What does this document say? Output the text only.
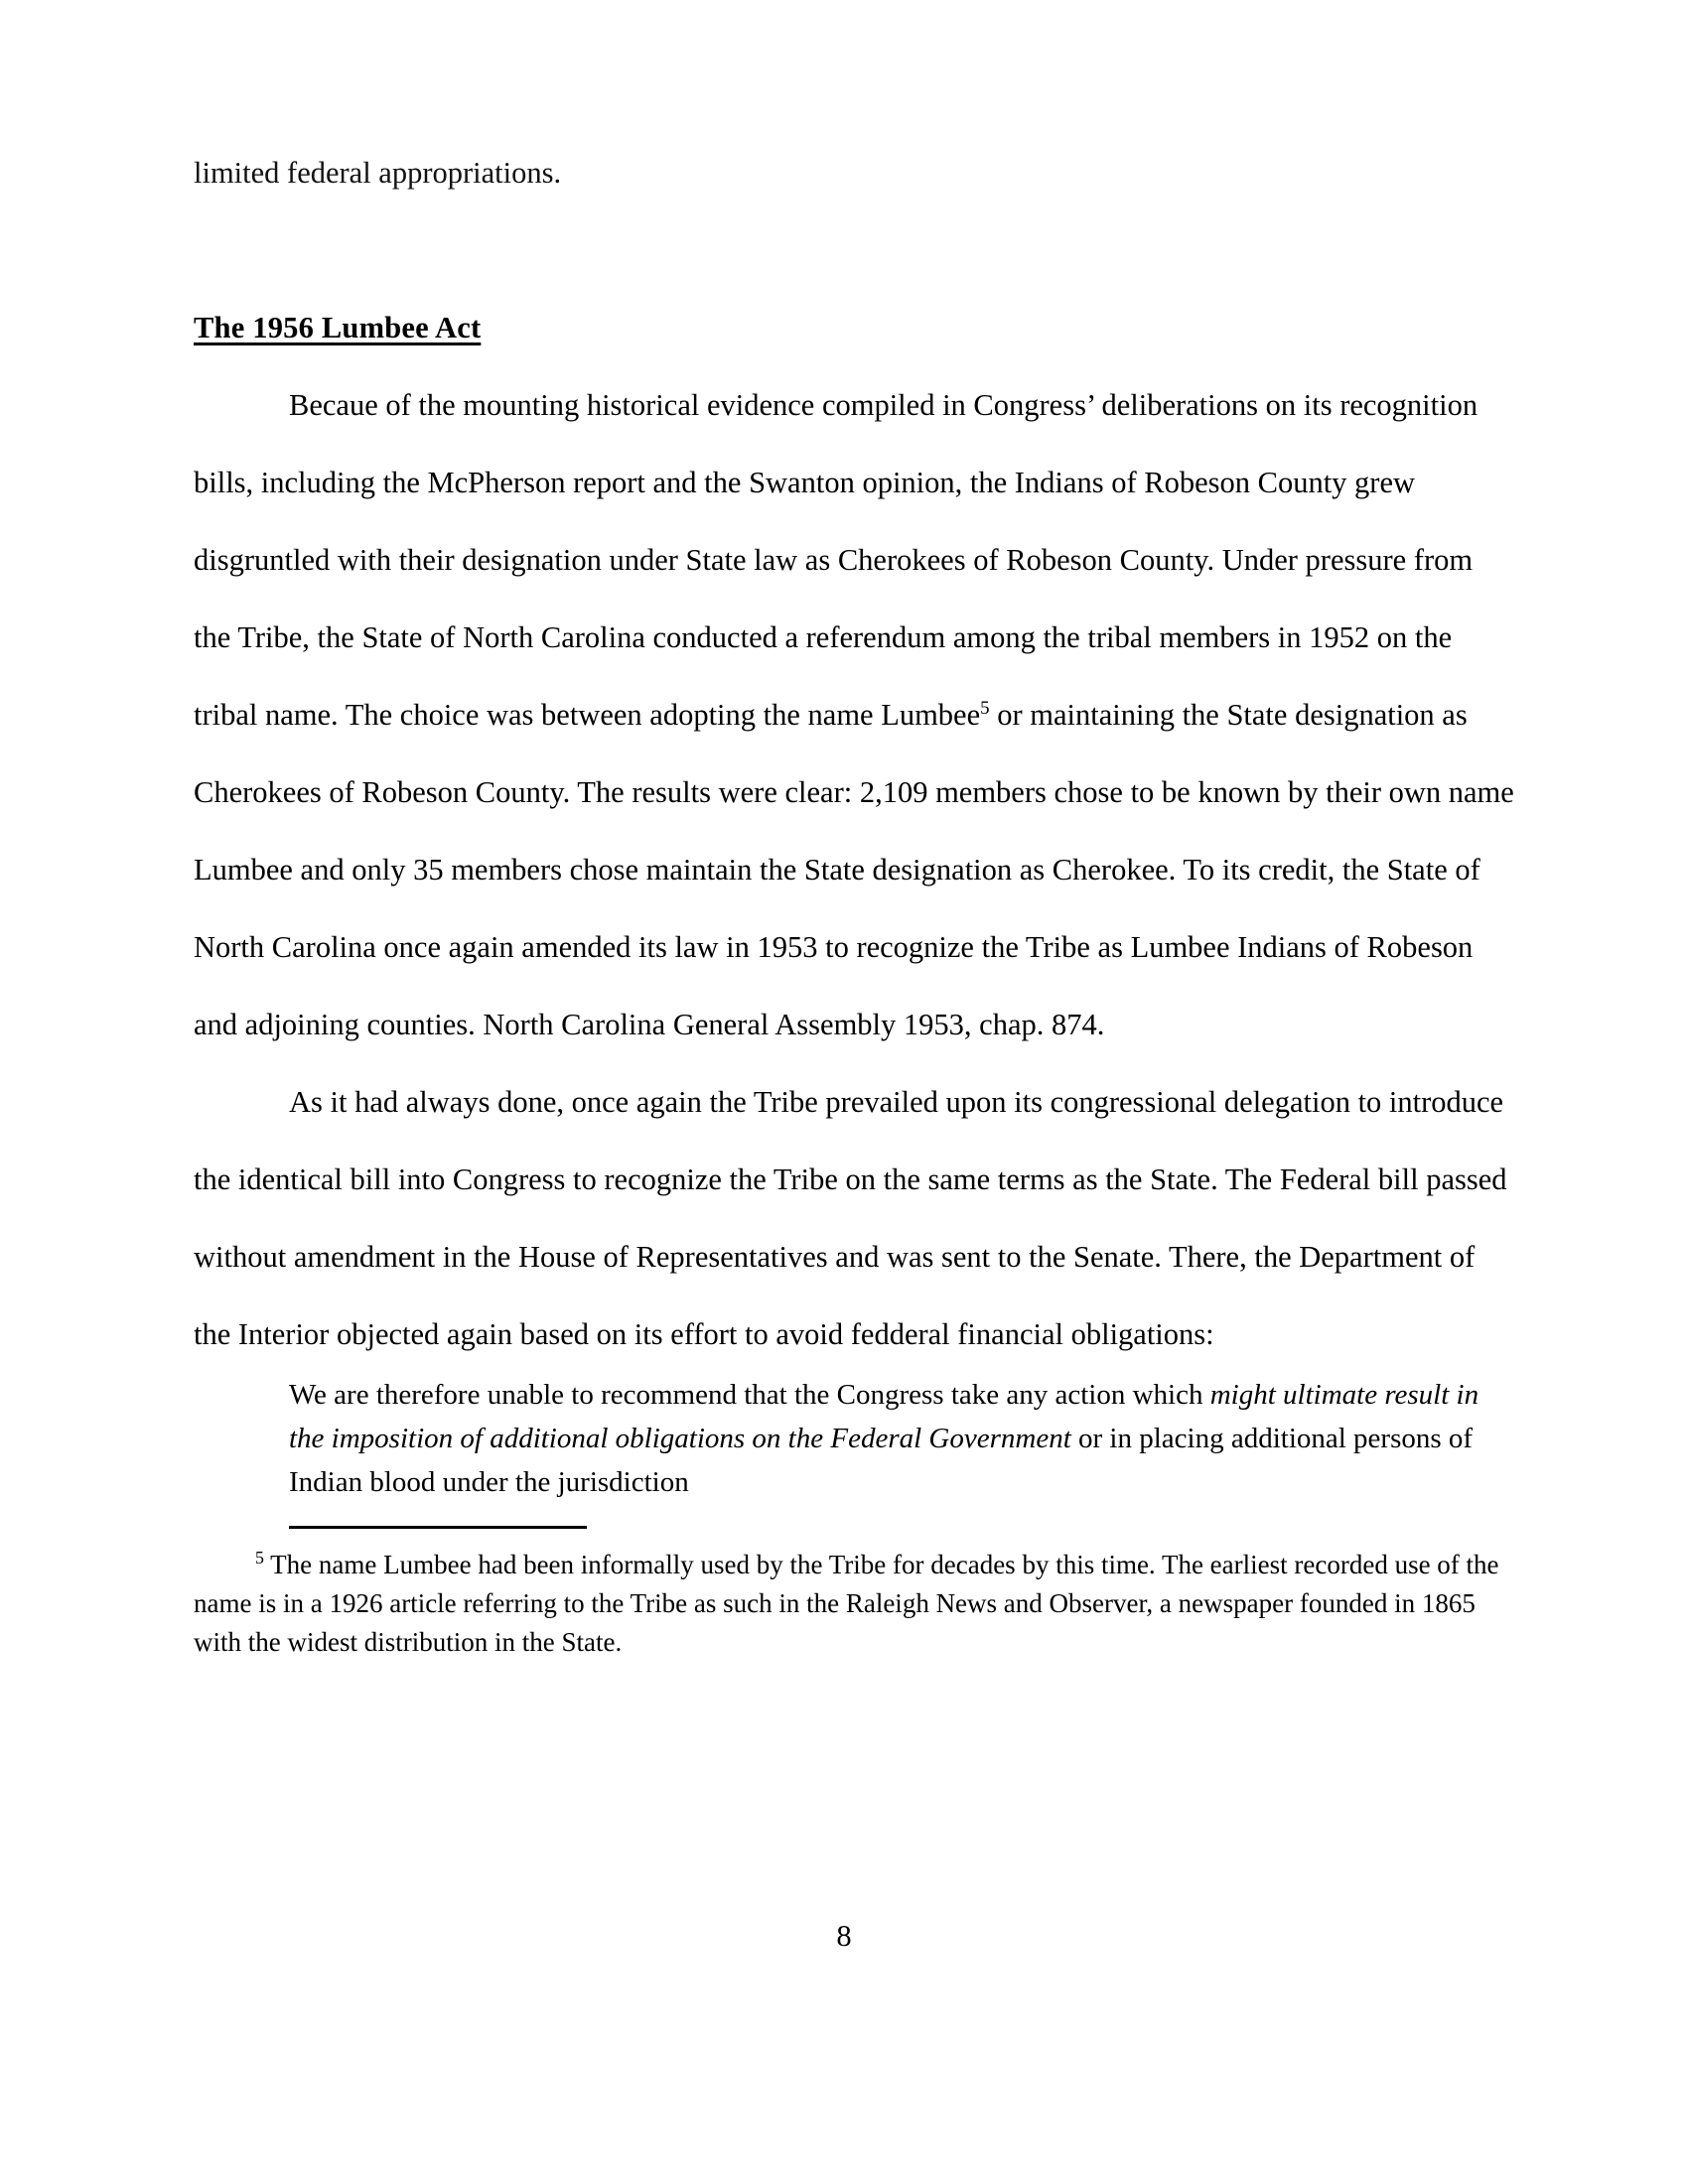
limited federal appropriations.

The 1956 Lumbee Act

Becaue of the mounting historical evidence compiled in Congress’ deliberations on its recognition bills, including the McPherson report and the Swanton opinion, the Indians of Robeson County grew disgruntled with their designation under State law as Cherokees of Robeson County. Under pressure from the Tribe, the State of North Carolina conducted a referendum among the tribal members in 1952 on the tribal name. The choice was between adopting the name Lumbee$^5$ or maintaining the State designation as Cherokees of Robeson County. The results were clear: 2,109 members chose to be known by their own name Lumbee and only 35 members chose maintain the State designation as Cherokee. To its credit, the State of North Carolina once again amended its law in 1953 to recognize the Tribe as Lumbee Indians of Robeson and adjoining counties. North Carolina General Assembly 1953, chap. 874.

As it had always done, once again the Tribe prevailed upon its congressional delegation to introduce the identical bill into Congress to recognize the Tribe on the same terms as the State. The Federal bill passed without amendment in the House of Representatives and was sent to the Senate. There, the Department of the Interior objected again based on its effort to avoid fedderal financial obligations:

We are therefore unable to recommend that the Congress take any action which might ultimate result in the imposition of additional obligations on the Federal Government or in placing additional persons of Indian blood under the jurisdiction

$^5$ The name Lumbee had been informally used by the Tribe for decades by this time. The earliest recorded use of the name is in a 1926 article referring to the Tribe as such in the Raleigh News and Observer, a newspaper founded in 1865 with the widest distribution in the State.

8
